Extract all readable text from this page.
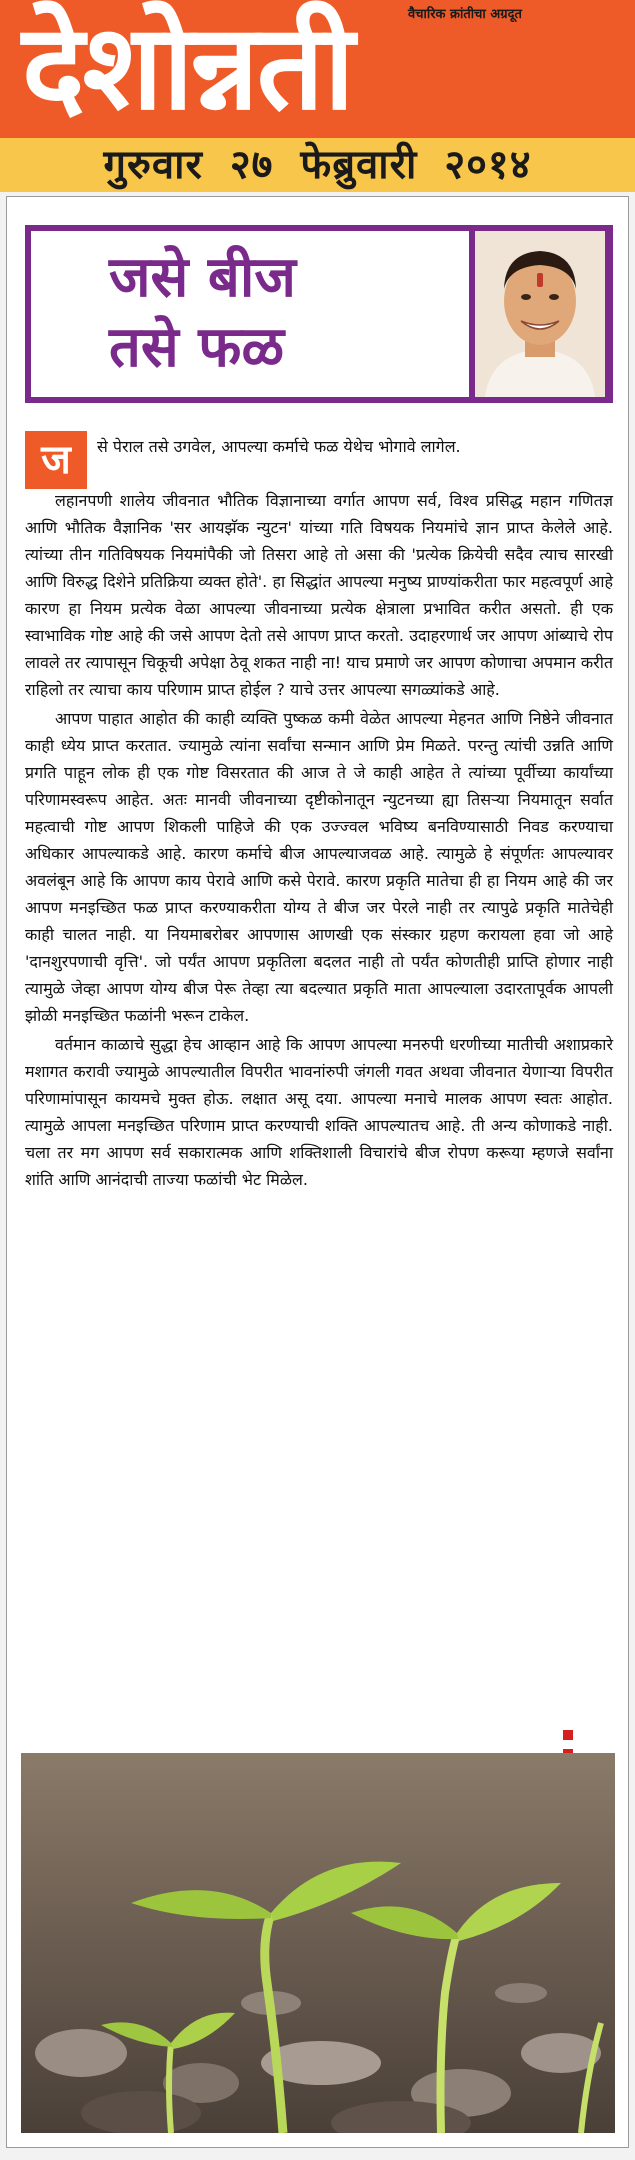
देशोन्नती	वैचारिक क्रांतीचा अग्रदूत
गुरुवार २७ फेब्रुवारी २०१४
जसे बीज
तसे फळ
ज	से पेराल तसे उगवेल, आपल्या कर्माचे फळ येथेच भोगावे लागेल.

लहानपणी शालेय जीवनात भौतिक विज्ञानाच्या वर्गात आपण सर्व, विश्व प्रसिद्ध महान गणितज्ञ आणि भौतिक वैज्ञानिक 'सर आयझॅक न्युटन' यांच्या गति विषयक नियमांचे ज्ञान प्राप्त केलेले आहे. त्यांच्या तीन गतिविषयक नियमांपैकी जो तिसरा आहे तो असा की 'प्रत्येक क्रियेची सदैव त्याच सारखी आणि विरुद्ध दिशेने प्रतिक्रिया व्यक्त होते'. हा सिद्धांत आपल्या मनुष्य प्राण्यांकरीता फार महत्वपूर्ण आहे कारण हा नियम प्रत्येक वेळा आपल्या जीवनाच्या प्रत्येक क्षेत्राला प्रभावित करीत असतो. ही एक स्वाभाविक गोष्ट आहे की जसे आपण देतो तसे आपण प्राप्त करतो. उदाहरणार्थ जर आपण आंब्याचे रोप लावले तर त्यापासून चिकूची अपेक्षा ठेवू शकत नाही ना! याच प्रमाणे जर आपण कोणाचा अपमान करीत राहिलो तर त्याचा काय परिणाम प्राप्त होईल ? याचे उत्तर आपल्या सगळ्यांकडे आहे.

आपण पाहात आहोत की काही व्यक्ति पुष्कळ कमी वेळेत आपल्या मेहनत आणि निष्ठेने जीवनात काही ध्येय प्राप्त करतात. ज्यामुळे त्यांना सर्वांचा सन्मान आणि प्रेम मिळते. परन्तु त्यांची उन्नति आणि प्रगति पाहून लोक ही एक गोष्ट विसरतात की आज ते जे काही आहेत ते त्यांच्या पूर्वीच्या कार्यांच्या परिणामस्वरूप आहेत. अतः मानवी जीवनाच्या दृष्टीकोनातून न्युटनच्या ह्या तिसऱ्या नियमातून सर्वात महत्वाची गोष्ट आपण शिकली पाहिजे की एक उज्ज्वल भविष्य बनविण्यासाठी निवड करण्याचा अधिकार आपल्याकडे आहे. कारण कर्माचे बीज आपल्याजवळ आहे. त्यामुळे हे संपूर्णतः आपल्यावर अवलंबून आहे कि आपण काय पेरावे आणि कसे पेरावे. कारण प्रकृति मातेचा ही हा नियम आहे की जर आपण मनइच्छित फळ प्राप्त करण्याकरीता योग्य ते बीज जर पेरले नाही तर त्यापुढे प्रकृति मातेचेही काही चालत नाही. या नियमाबरोबर आपणास आणखी एक संस्कार ग्रहण करायला हवा जो आहे 'दानशुरपणाची वृत्ति'. जो पर्यंत आपण प्रकृतिला बदलत नाही तो पर्यंत कोणतीही प्राप्ति होणार नाही त्यामुळे जेव्हा आपण योग्य बीज पेरू तेव्हा त्या बदल्यात प्रकृति माता आपल्याला उदारतापूर्वक आपली झोळी मनइच्छित फळांनी भरून टाकेल.

वर्तमान काळाचे सुद्धा हेच आव्हान आहे कि आपण आपल्या मनरुपी धरणीच्या मातीची अशाप्रकारे मशागत करावी ज्यामुळे आपल्यातील विपरीत भावनांरुपी जंगली गवत अथवा जीवनात येणाऱ्या विपरीत परिणामांपासून कायमचे मुक्त होऊ. लक्षात असू दया. आपल्या मनाचे मालक आपण स्वतः आहोत. त्यामुळे आपला मनइच्छित परिणाम प्राप्त करण्याची शक्ति आपल्यातच आहे. ती अन्य कोणाकडे नाही. चला तर मग आपण सर्व सकारात्मक आणि शक्तिशाली विचारांचे बीज रोपण करूया म्हणजे सर्वांना शांति आणि आनंदाची ताज्या फळांची भेट मिळेल.
